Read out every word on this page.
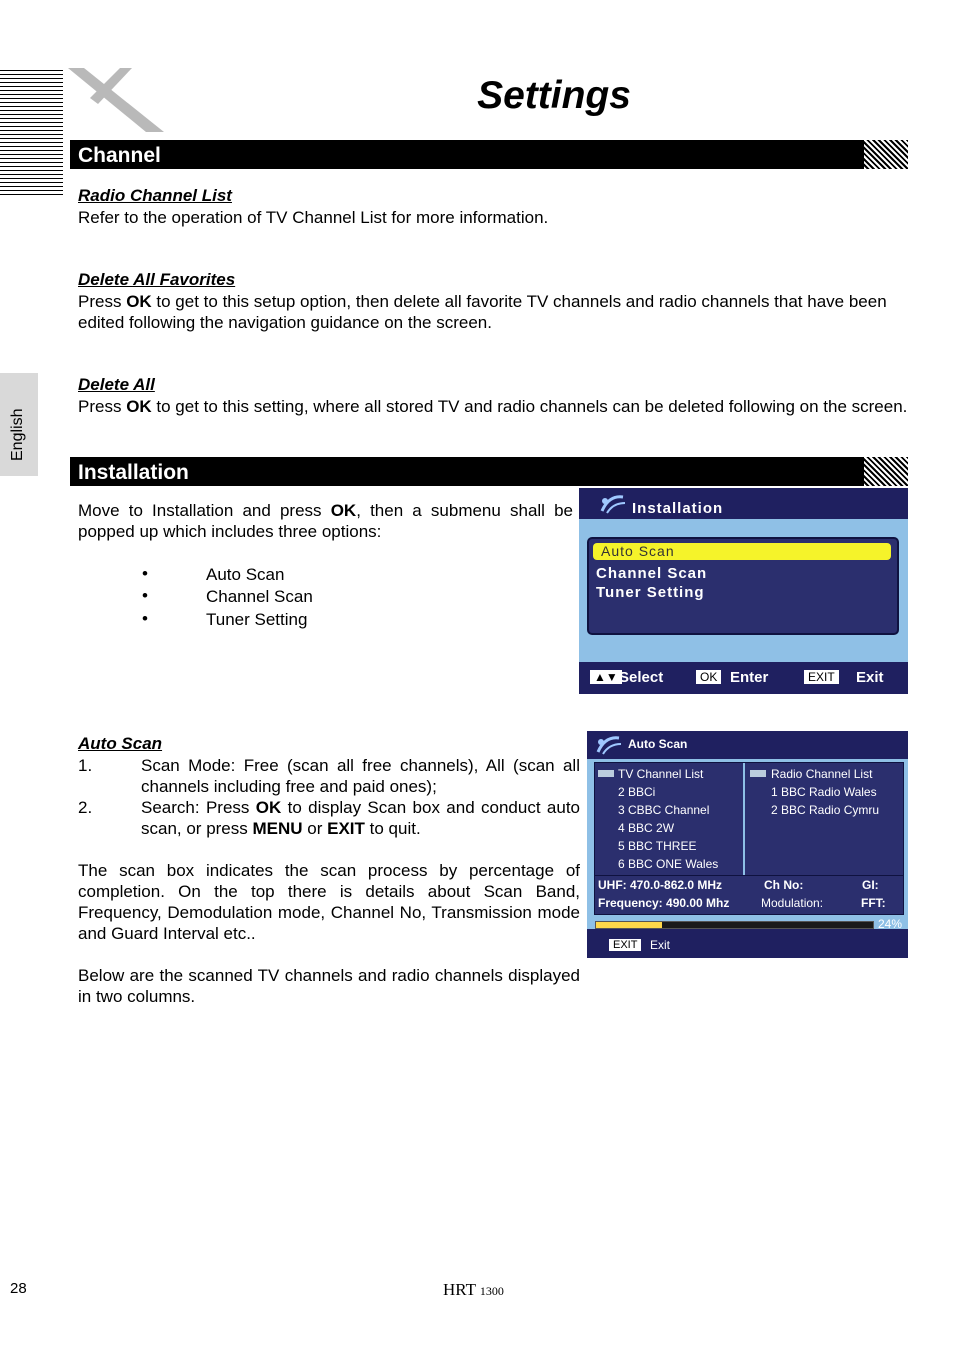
Settings
English
Channel
Radio Channel List
Refer to the operation of TV Channel List for more information.
Delete All Favorites
Press OK to get to this setup option, then delete all favorite TV channels and radio channels that have been edited following the navigation guidance on the screen.
Delete All
Press OK to get to this setting, where all stored TV and radio channels can be deleted following on the screen.
Installation
Move to Installation and press OK, then a submenu shall be popped up which includes three options:
•	Auto Scan
•	Channel Scan
•	Tuner Setting
Installation
Auto Scan
Channel Scan
Tuner Setting
▲▼ Select	OK Enter	EXIT Exit
Auto Scan
1.	Scan Mode: Free (scan all free channels), All (scan all channels including free and paid ones);
2.	Search: Press OK to display Scan box and conduct auto scan, or press MENU or EXIT to quit.
The scan box indicates the scan process by percentage of completion. On the top there is details about Scan Band, Frequency, Demodulation mode, Channel No, Transmission mode and Guard Interval etc..
Below are the scanned TV channels and radio channels displayed in two columns.
Auto Scan
TV Channel List
2 BBCi
3 CBBC Channel
4 BBC 2W
5 BBC THREE
6 BBC ONE Wales
Radio Channel List
1 BBC Radio Wales
2 BBC Radio Cymru
UHF: 470.0-862.0 MHz	Ch No:	GI:
Frequency: 490.00 Mhz	Modulation:	FFT:
24%
EXIT	Exit
28	HRT 1300
